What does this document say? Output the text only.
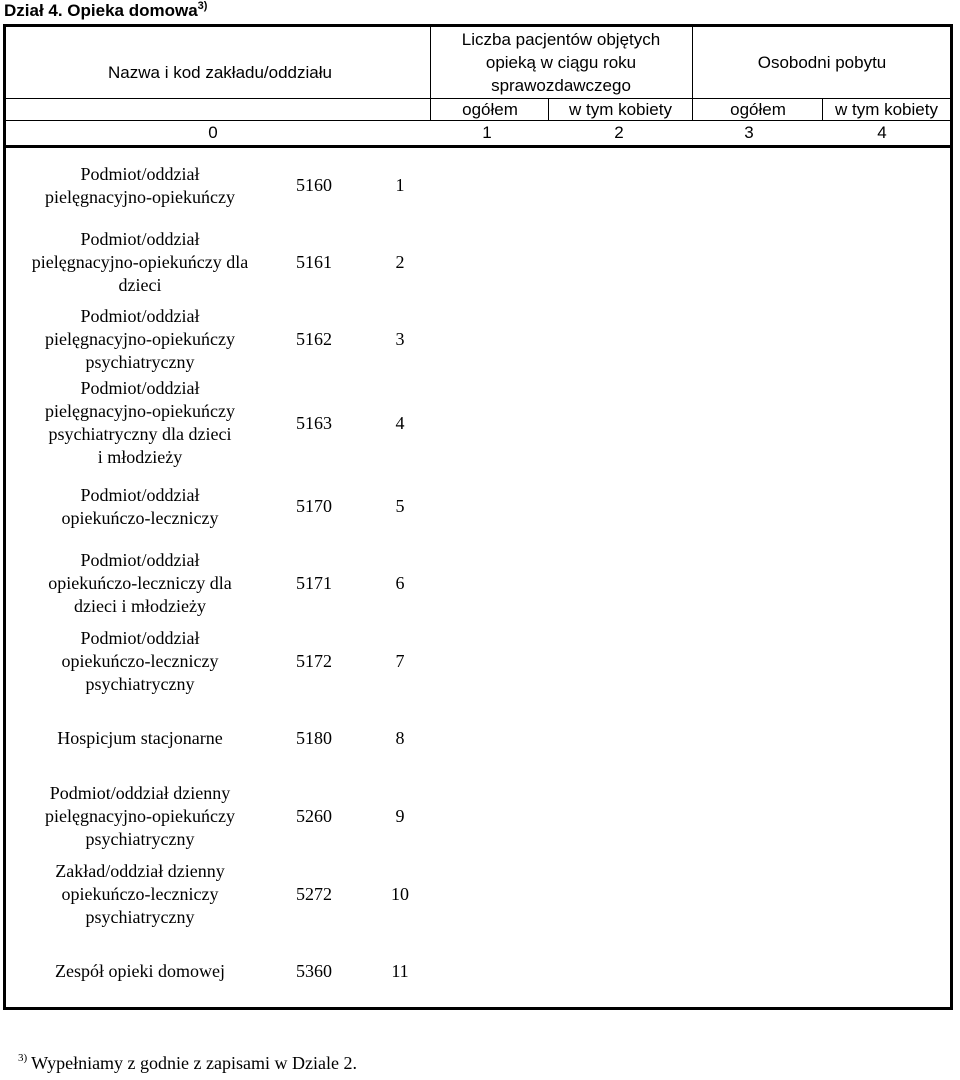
Dział 4. Opieka domowa$^{3)}$
Nazwa i kod zakładu/oddziału
Liczba pacjentów objętych
opieką w ciągu roku
sprawozdawczego
Osobodni pobytu
ogółem	w tym kobiety	ogółem	w tym kobiety
0	1	2	3	4
$^{3)}$ Wypełniamy z godnie z zapisami w Dziale 2.
Podmiot/oddział
pielęgnacyjno-opiekuńczy
5160	1
Podmiot/oddział
pielęgnacyjno-opiekuńczy dla
dzieci
5161	2
Podmiot/oddział
pielęgnacyjno-opiekuńczy
psychiatryczny
5162	3
Podmiot/oddział
pielęgnacyjno-opiekuńczy
psychiatryczny dla dzieci
i młodzieży
5163	4
Podmiot/oddział
opiekuńczo-leczniczy
5170	5
Podmiot/oddział
opiekuńczo-leczniczy dla
dzieci i młodzieży
5171	6
Podmiot/oddział
opiekuńczo-leczniczy
psychiatryczny
5172	7
Hospicjum stacjonarne	5180	8
Podmiot/oddział dzienny
pielęgnacyjno-opiekuńczy
psychiatryczny
5260	9
Zakład/oddział dzienny
opiekuńczo-leczniczy
psychiatryczny
5272	10
Zespół opieki domowej	5360	11
